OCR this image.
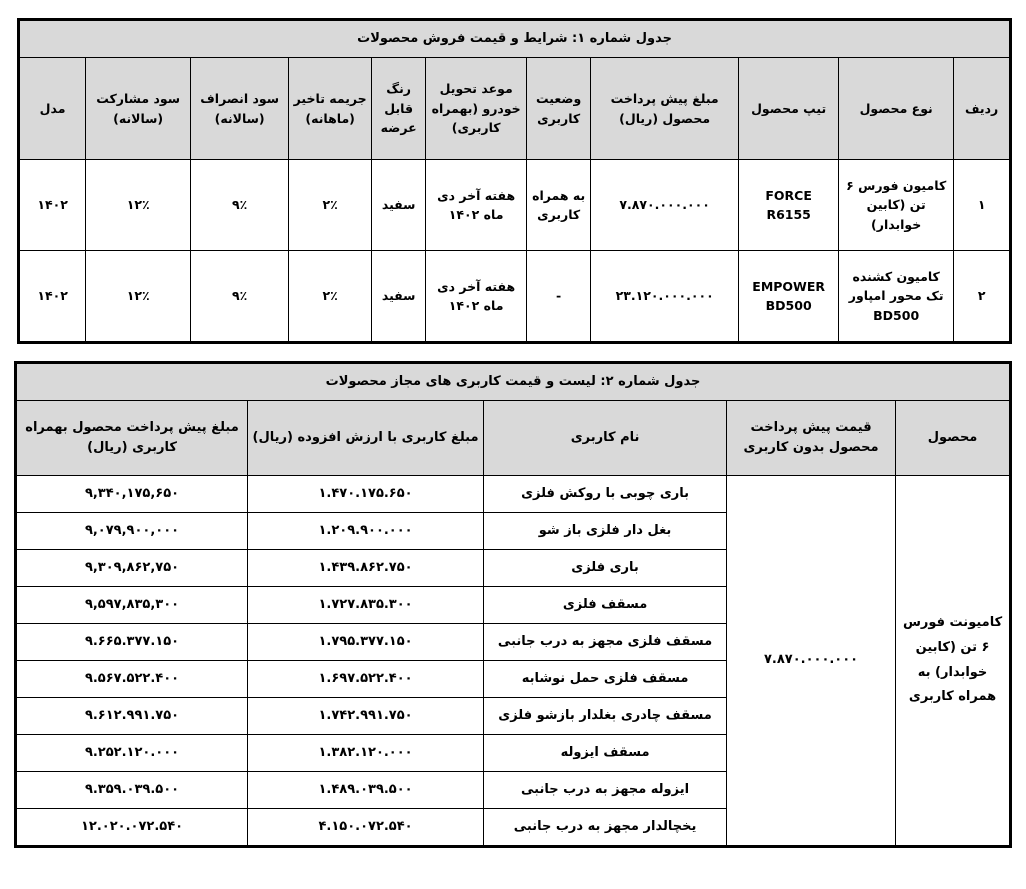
جدول شماره ۱: شرایط و قیمت فروش محصولات										
ردیف	نوع محصول	تیپ محصول	مبلغ پیش پرداخت محصول (ریال)	وضعیت کاربری	موعد تحویل خودرو (بهمراه کاربری)	رنگ قابل عرضه	جریمه تاخیر (ماهانه)	سود انصراف (سالانه)	سود مشارکت (سالانه)	مدل
۱	کامیون فورس ۶ تن (کابین خوابدار)	FORCE R6155	۷.۸۷۰.۰۰۰.۰۰۰	به همراه کاربری	هفته آخر دی ماه ۱۴۰۲	سفید	۲٪	۹٪	۱۲٪	۱۴۰۲
۲	کامیون کشنده تک محور امپاور BD500	EMPOWER BD500	۲۳.۱۲۰.۰۰۰.۰۰۰	-	هفته آخر دی ماه ۱۴۰۲	سفید	۲٪	۹٪	۱۲٪	۱۴۰۲
جدول شماره ۲: لیست و قیمت کاربری های مجاز محصولات				
محصول	قیمت پیش پرداخت محصول بدون کاربری	نام کاربری	مبلغ کاربری با ارزش افزوده (ریال)	مبلغ پیش پرداخت محصول بهمراه کاربری (ریال)
کامیونت فورس ۶ تن (کابین خوابدار) به همراه کاربری	۷.۸۷۰.۰۰۰.۰۰۰	باری چوبی با روکش فلزی	۱.۴۷۰.۱۷۵.۶۵۰	۹,۳۴۰,۱۷۵,۶۵۰
		بغل دار فلزی باز شو	۱.۲۰۹.۹۰۰.۰۰۰	۹,۰۷۹,۹۰۰,۰۰۰
		باری فلزی	۱.۴۳۹.۸۶۲.۷۵۰	۹,۳۰۹,۸۶۲,۷۵۰
		مسقف فلزی	۱.۷۲۷.۸۳۵.۳۰۰	۹,۵۹۷,۸۳۵,۳۰۰
		مسقف فلزی مجهز به درب جانبی	۱.۷۹۵.۳۷۷.۱۵۰	۹.۶۶۵.۳۷۷.۱۵۰
		مسقف فلزی حمل نوشابه	۱.۶۹۷.۵۲۲.۴۰۰	۹.۵۶۷.۵۲۲.۴۰۰
		مسقف چادری بغلدار بازشو فلزی	۱.۷۴۲.۹۹۱.۷۵۰	۹.۶۱۲.۹۹۱.۷۵۰
		مسقف ایزوله	۱.۳۸۲.۱۲۰.۰۰۰	۹.۲۵۲.۱۲۰.۰۰۰
		ایزوله مجهز به درب جانبی	۱.۴۸۹.۰۳۹.۵۰۰	۹.۳۵۹.۰۳۹.۵۰۰
		یخچالدار مجهز به درب جانبی	۴.۱۵۰.۰۷۲.۵۴۰	۱۲.۰۲۰.۰۷۲.۵۴۰
